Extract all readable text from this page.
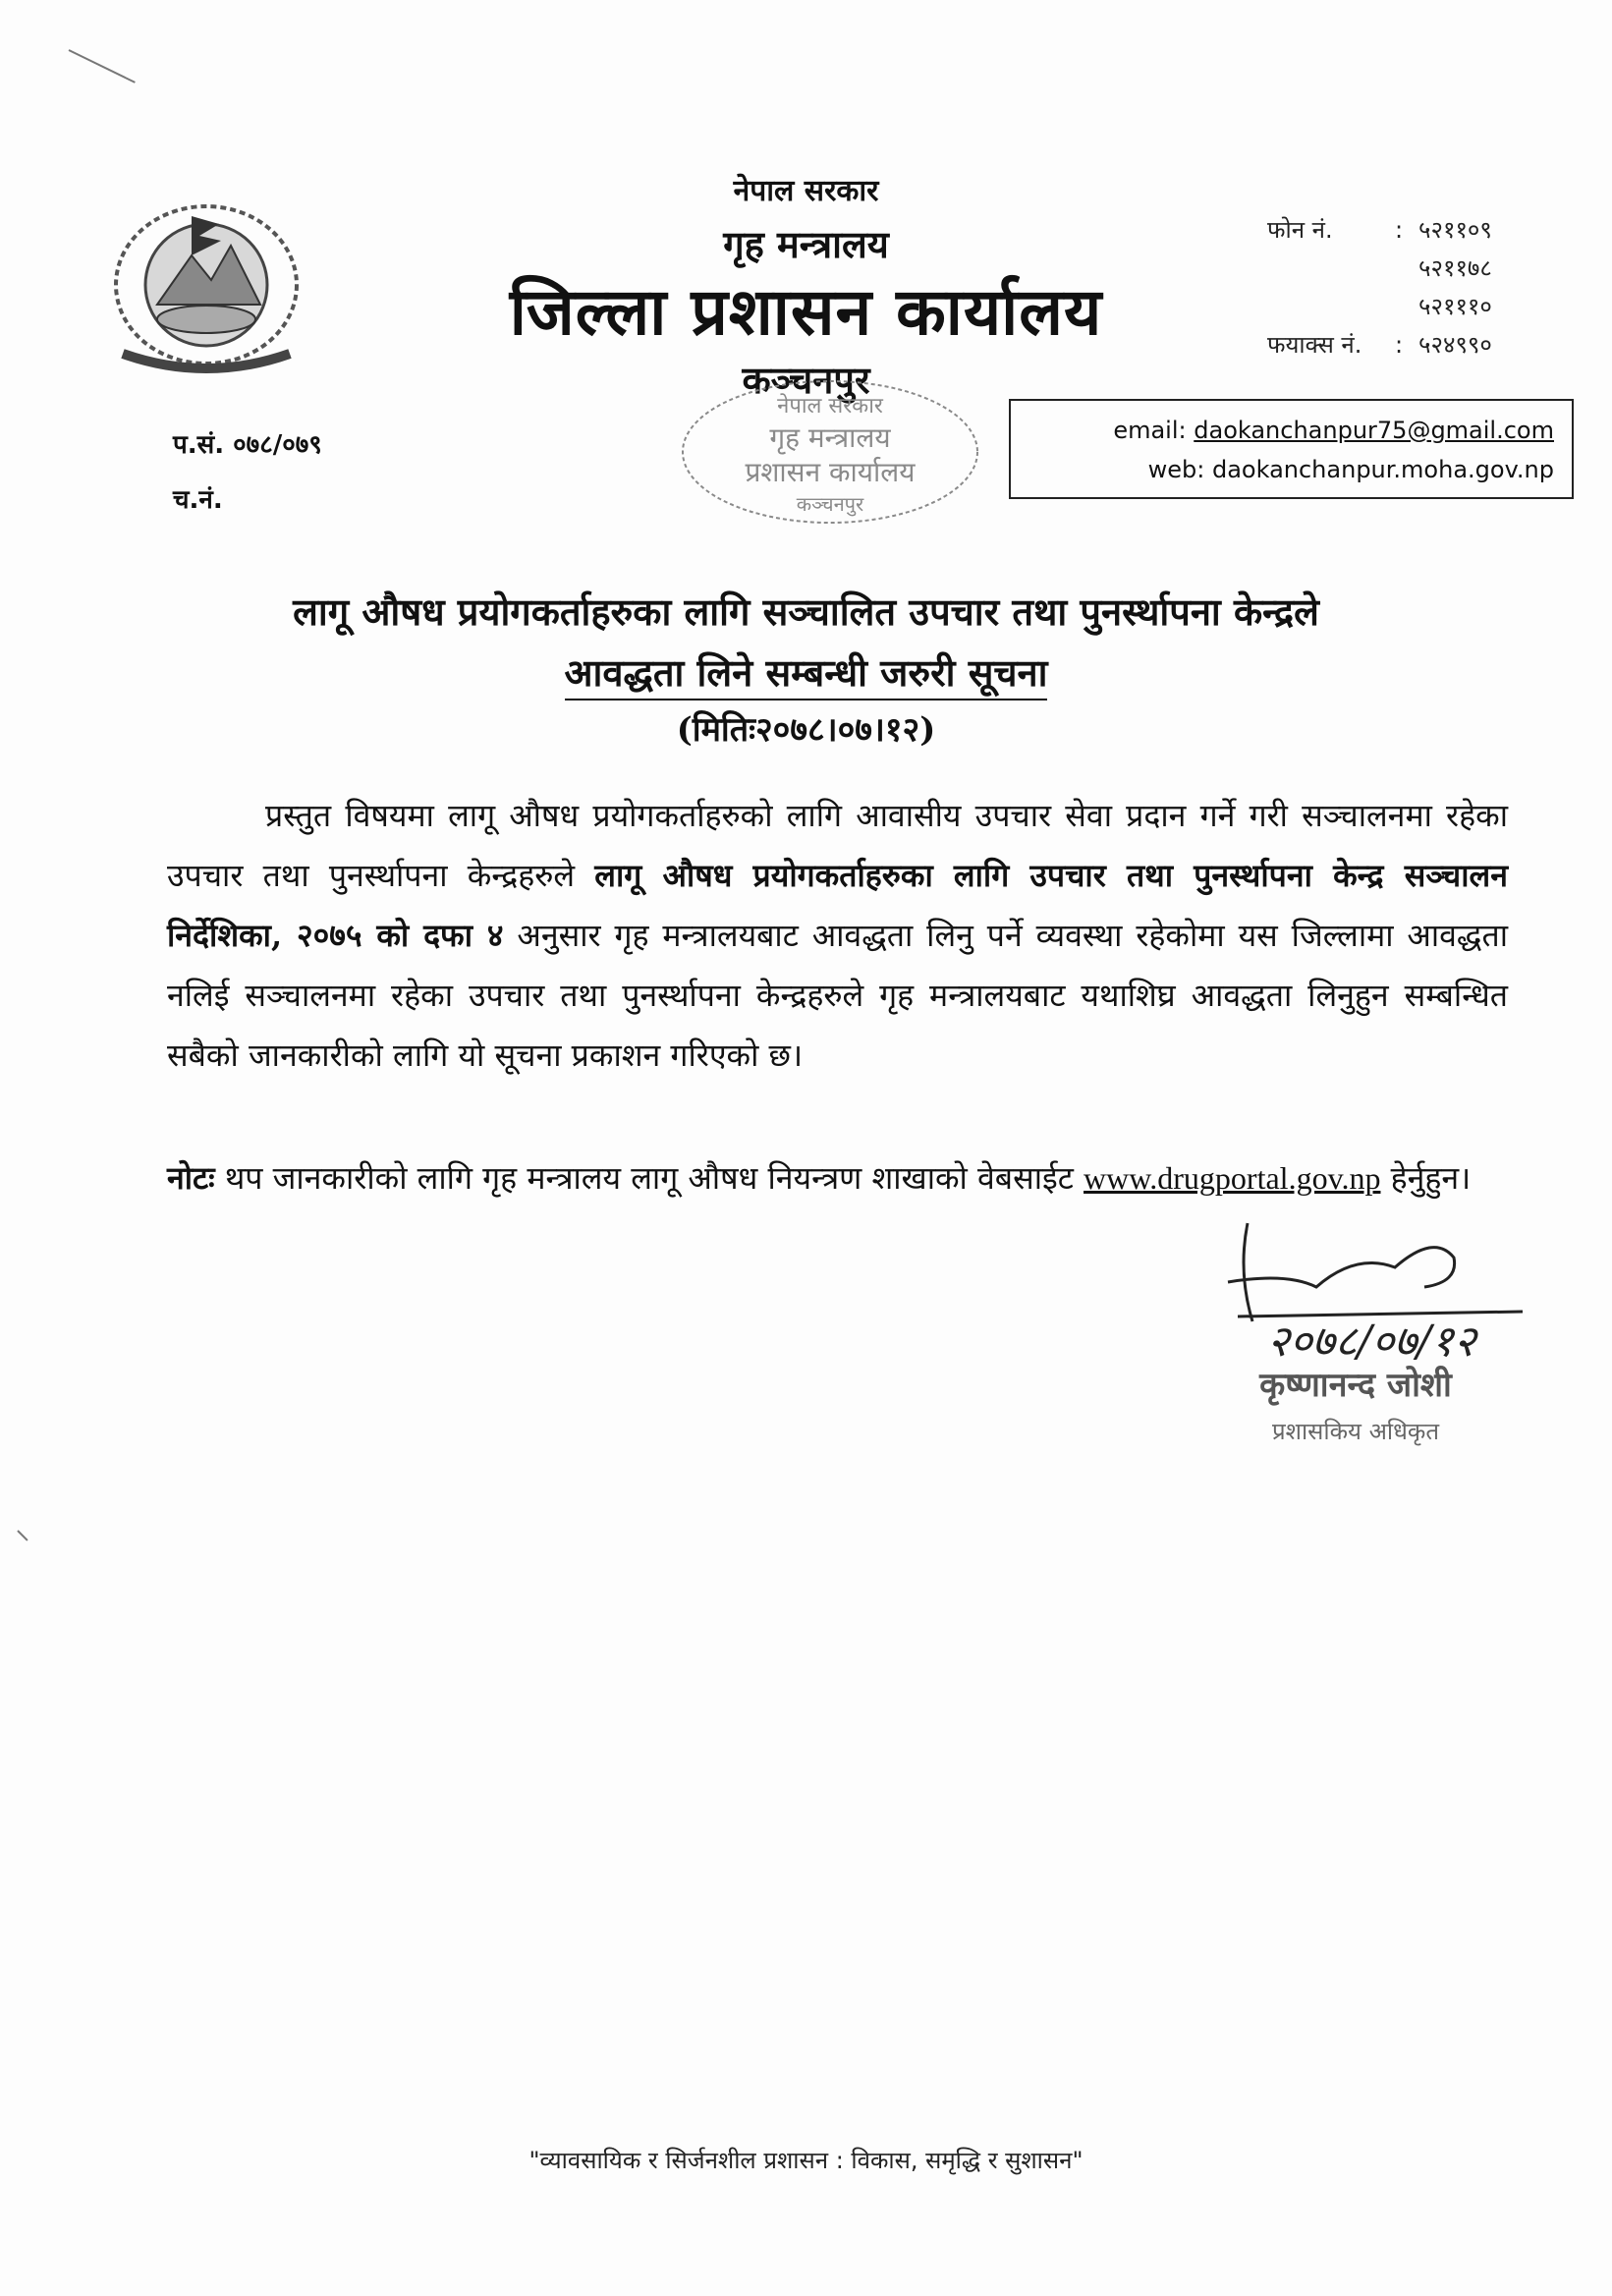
नेपाल सरकार
गृह मन्त्रालय
जिल्ला प्रशासन कार्यालय
कञ्चनपुर
नेपाल सरकार
गृह मन्त्रालय
प्रशासन कार्यालय
कञ्चनपुर
फोन नं.	: ५२११०९
५२११७८
५२१११०
फयाक्स नं.	: ५२४९९०
email: daokanchanpur75@gmail.com
web: daokanchanpur.moha.gov.np
प.सं. ०७८/०७९
च.नं.
लागू औषध प्रयोगकर्ताहरुका लागि सञ्चालित उपचार तथा पुनर्स्थापना केन्द्रले
आवद्धता लिने सम्बन्धी जरुरी सूचना
(मितिः२०७८।०७।१२)
प्रस्तुत विषयमा लागू औषध प्रयोगकर्ताहरुको लागि आवासीय उपचार सेवा प्रदान गर्ने गरी सञ्चालनमा रहेका उपचार तथा पुनर्स्थापना केन्द्रहरुले लागू औषध प्रयोगकर्ताहरुका लागि उपचार तथा पुनर्स्थापना केन्द्र सञ्चालन निर्देशिका, २०७५ को दफा ४ अनुसार गृह मन्त्रालयबाट आवद्धता लिनु पर्ने व्यवस्था रहेकोमा यस जिल्लामा आवद्धता नलिई सञ्चालनमा रहेका उपचार तथा पुनर्स्थापना केन्द्रहरुले गृह मन्त्रालयबाट यथाशिघ्र आवद्धता लिनुहुन सम्बन्धित सबैको जानकारीको लागि यो सूचना प्रकाशन गरिएको छ।
नोटः थप जानकारीको लागि गृह मन्त्रालय लागू औषध नियन्त्रण शाखाको वेबसाईट www.drugportal.gov.np हेर्नुहुन।
२०७८/०७/१२
कृष्णानन्द जोशी
प्रशासकिय अधिकृत
"व्यावसायिक र सिर्जनशील प्रशासन : विकास, समृद्धि र सुशासन"
